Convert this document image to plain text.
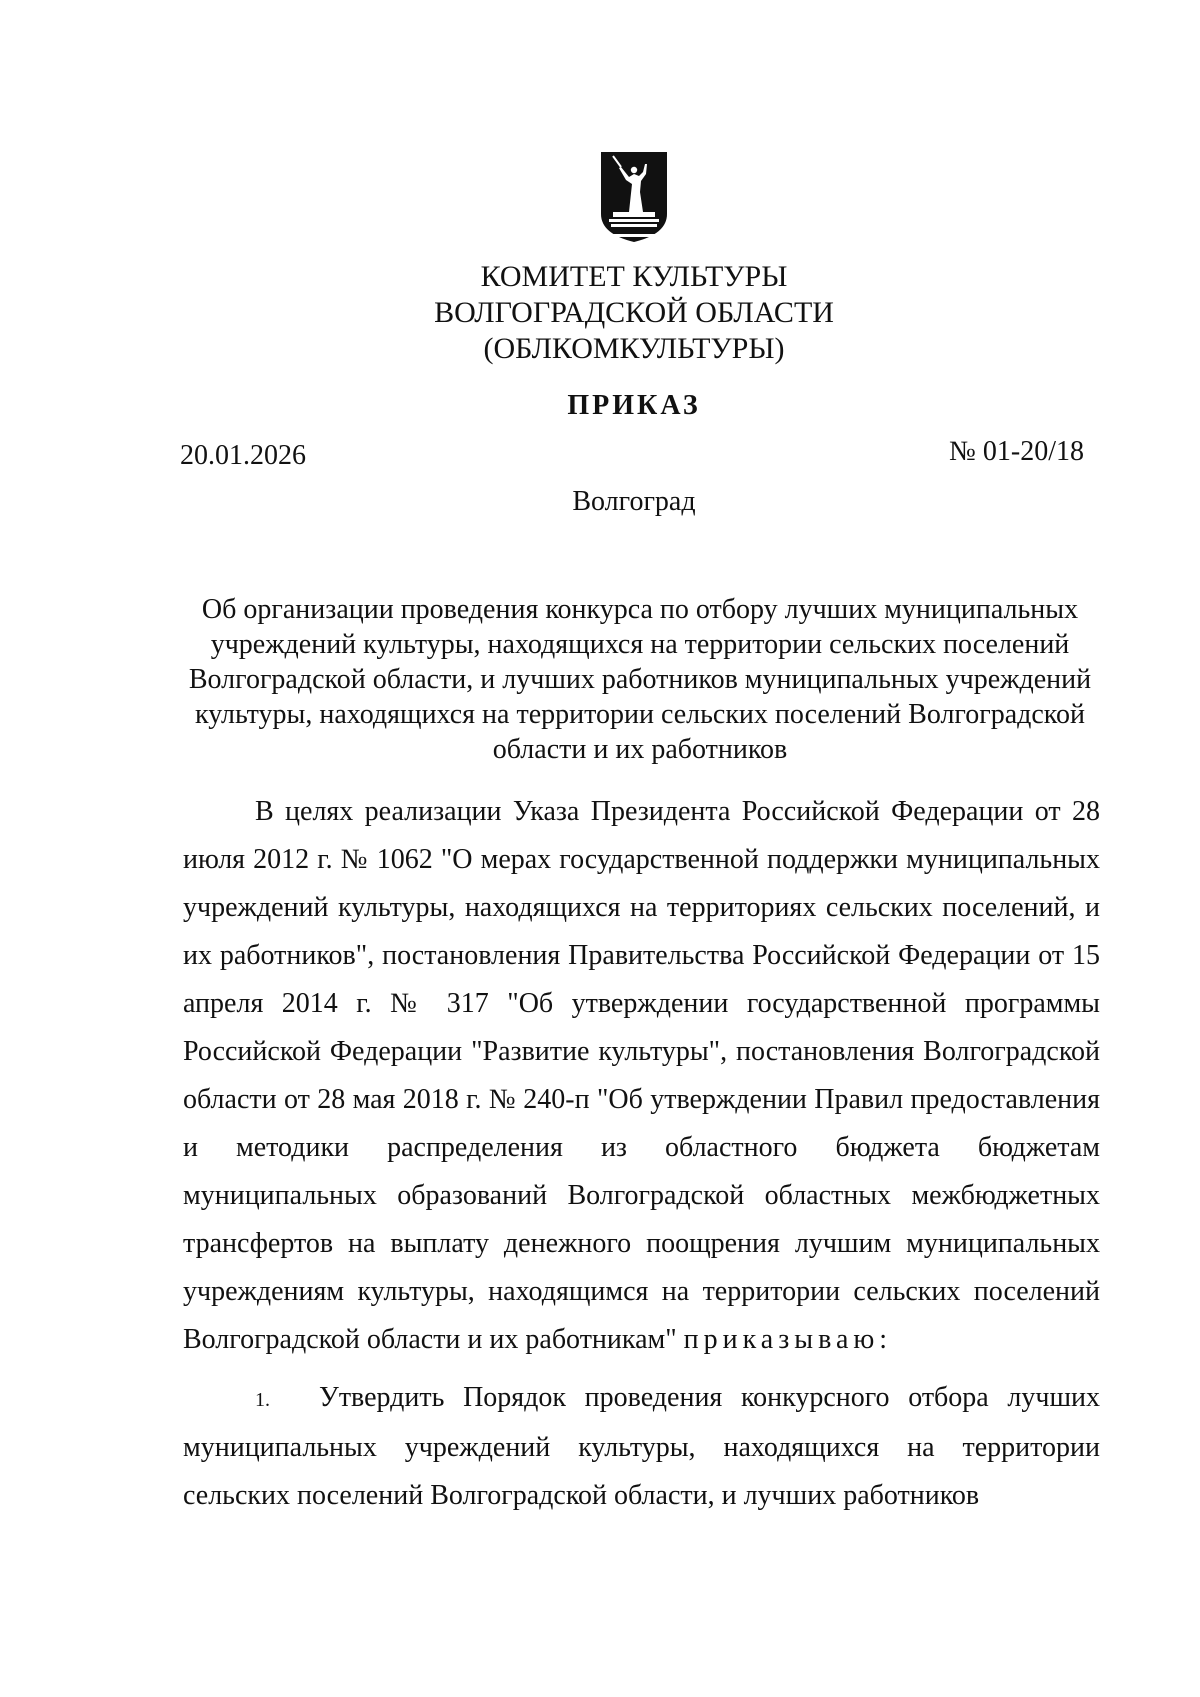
КОМИТЕТ КУЛЬТУРЫ
ВОЛГОГРАДСКОЙ ОБЛАСТИ
(ОБЛКОМКУЛЬТУРЫ)
ПРИКАЗ
20.01.2026	№ 01-20/18
Волгоград
Об организации проведения конкурса по отбору лучших муниципальных учреждений культуры, находящихся на территории сельских поселений Волгоградской области, и лучших работников муниципальных учреждений культуры, находящихся на территории сельских поселений Волгоградской области и их работников

В целях реализации Указа Президента Российской Федерации от 28 июля 2012 г. № 1062 "О мерах государственной поддержки муниципальных учреждений культуры, находящихся на территориях сельских поселений, и их работников", постановления Правительства Российской Федерации от 15 апреля 2014 г. № 317 "Об утверждении государственной программы Российской Федерации "Развитие культуры", постановления Волгоградской области от 28 мая 2018 г. № 240-п "Об утверждении Правил предоставления и методики распределения из областного бюджета бюджетам муниципальных образований Волгоградской областных межбюджетных трансфертов на выплату денежного поощрения лучшим муниципальных учреждениям культуры, находящимся на территории сельских поселений Волгоградской области и их работникам" приказываю:

1. Утвердить Порядок проведения конкурсного отбора лучших муниципальных учреждений культуры, находящихся на территории сельских поселений Волгоградской области, и лучших работников
